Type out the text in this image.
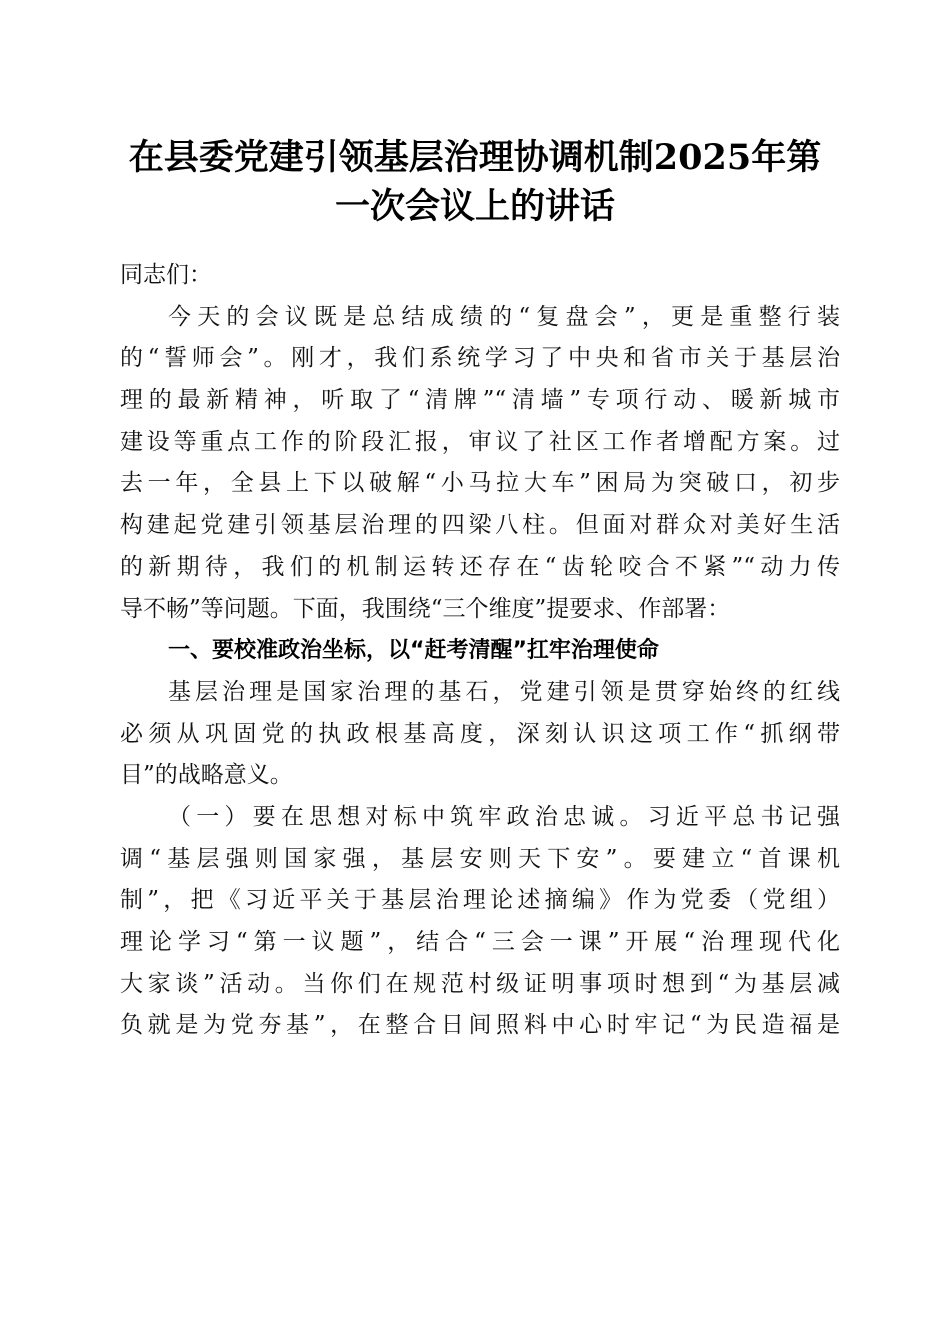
在县委党建引领基层治理协调机制2025年第
一次会议上的讲话
同志们：
今天的会议既是总结成绩的“复盘会”，更是重整行装
的“誓师会”。刚才，我们系统学习了中央和省市关于基层治
理的最新精神，听取了“清牌”“清墙”专项行动、暖新城市
建设等重点工作的阶段汇报，审议了社区工作者增配方案。过
去一年，全县上下以破解“小马拉大车”困局为突破口，初步
构建起党建引领基层治理的四梁八柱。但面对群众对美好生活
的新期待，我们的机制运转还存在“齿轮咬合不紧”“动力传
导不畅”等问题。下面，我围绕“三个维度”提要求、作部署：
一、要校准政治坐标，以“赶考清醒”扛牢治理使命
基层治理是国家治理的基石，党建引领是贯穿始终的红线
必须从巩固党的执政根基高度，深刻认识这项工作“抓纲带
目”的战略意义。
（一）要在思想对标中筑牢政治忠诚。习近平总书记强
调“基层强则国家强，基层安则天下安”。要建立“首课机
制”，把《习近平关于基层治理论述摘编》作为党委（党组）
理论学习“第一议题”，结合“三会一课”开展“治理现代化
大家谈”活动。当你们在规范村级证明事项时想到“为基层减
负就是为党夯基”，在整合日间照料中心时牢记“为民造福是
